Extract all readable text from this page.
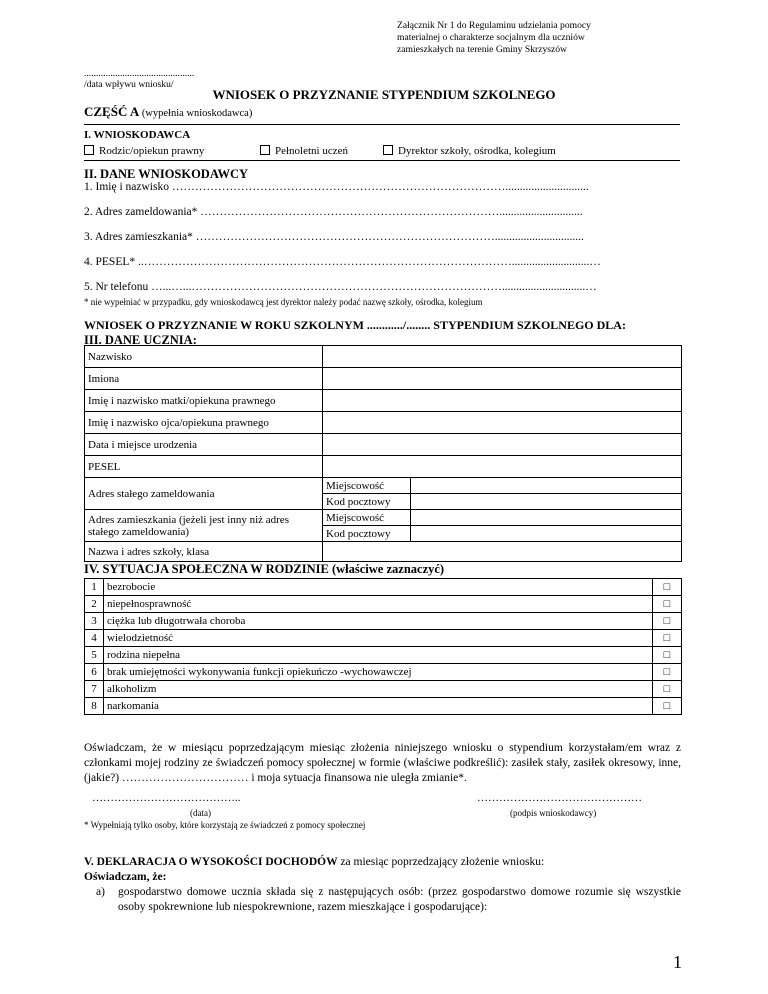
Załącznik Nr 1 do Regulaminu udzielania pomocy
materialnej o charakterze socjalnym dla uczniów
zamieszkałych na terenie Gminy Skrzyszów
..............................................
/data wpływu wniosku/
WNIOSEK O PRZYZNANIE STYPENDIUM SZKOLNEGO
CZĘŚĆ A (wypełnia wnioskodawca)
I. WNIOSKODAWCA
Rodzic/opiekun prawny	Pełnoletni uczeń	Dyrektor szkoły, ośrodka, kolegium
II. DANE WNIOSKODAWCY
1. Imię i nazwisko …………………………………………………………………………….............................
2. Adres zameldowania* …………………………………………………………………….............................
3. Adres zamieszkania* ……………………………………………………………………...............................
4. PESEL* ..……………………………………………………………………………………...........................…
5. Nr telefonu …...…...……………………………………………………………………….............................…
* nie wypełniać w przypadku, gdy wnioskodawcą jest dyrektor należy podać nazwę szkoły, ośrodka, kolegium
WNIOSEK O PRZYZNANIE W ROKU SZKOLNYM ............/........ STYPENDIUM SZKOLNEGO DLA:
III. DANE UCZNIA:
Nazwisko		
Imiona		
Imię i nazwisko matki/opiekuna prawnego		
Imię i nazwisko ojca/opiekuna prawnego		
Data i miejsce urodzenia		
PESEL		
Adres stałego zameldowania	Miejscowość	
	Kod pocztowy	
Adres zamieszkania (jeżeli jest inny niż adres stałego zameldowania)	Miejscowość	
	Kod pocztowy	
Nazwa i adres szkoły, klasa		
IV. SYTUACJA SPOŁECZNA W RODZINIE (właściwe zaznaczyć)
1	bezrobocie	□
2	niepełnosprawność	□
3	ciężka lub długotrwała choroba	□
4	wielodzietność	□
5	rodzina niepełna	□
6	brak umiejętności wykonywania funkcji opiekuńczo -wychowawczej	□
7	alkoholizm	□
8	narkomania	□
Oświadczam, że w miesiącu poprzedzającym miesiąc złożenia niniejszego wniosku o stypendium korzystałam/em wraz z członkami mojej rodziny ze świadczeń pomocy społecznej w formie (właściwe podkreślić): zasiłek stały, zasiłek okresowy, inne, (jakie?) …………………………… i moja sytuacja finansowa nie uległa zmianie*.
…………………………………..
(data)
………………………………………
(podpis wnioskodawcy)
* Wypełniają tylko osoby, które korzystają ze świadczeń z pomocy społecznej
V. DEKLARACJA O WYSOKOŚCI DOCHODÓW za miesiąc poprzedzający złożenie wniosku:
Oświadczam, że:
a)	gospodarstwo domowe ucznia składa się z następujących osób: (przez gospodarstwo domowe rozumie się wszystkie osoby spokrewnione lub niespokrewnione, razem mieszkające i gospodarujące):
1
